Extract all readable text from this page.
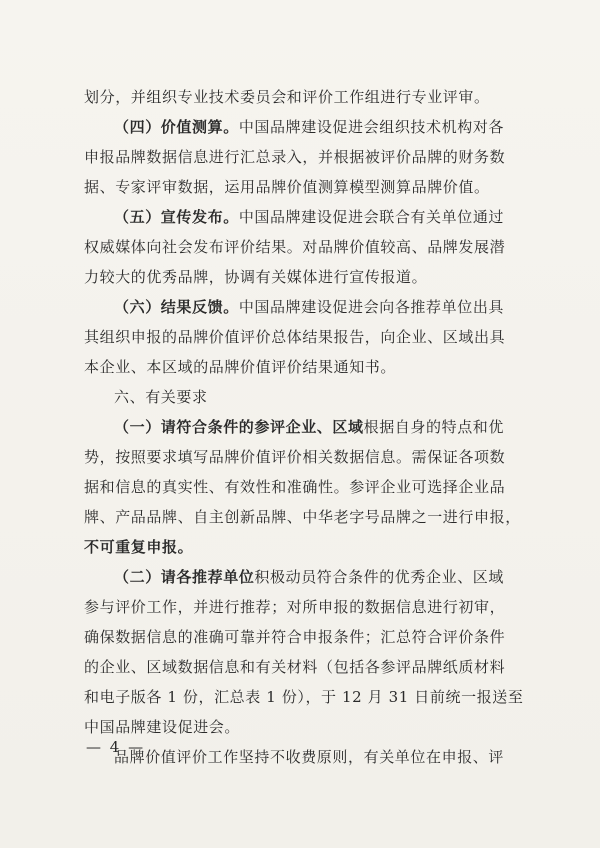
划分，并组织专业技术委员会和评价工作组进行专业评审。
（四）价值测算。中国品牌建设促进会组织技术机构对各
申报品牌数据信息进行汇总录入，并根据被评价品牌的财务数
据、专家评审数据，运用品牌价值测算模型测算品牌价值。
（五）宣传发布。中国品牌建设促进会联合有关单位通过
权威媒体向社会发布评价结果。对品牌价值较高、品牌发展潜
力较大的优秀品牌，协调有关媒体进行宣传报道。
（六）结果反馈。中国品牌建设促进会向各推荐单位出具
其组织申报的品牌价值评价总体结果报告，向企业、区域出具
本企业、本区域的品牌价值评价结果通知书。
六、有关要求
（一）请符合条件的参评企业、区域根据自身的特点和优
势，按照要求填写品牌价值评价相关数据信息。需保证各项数
据和信息的真实性、有效性和准确性。参评企业可选择企业品
牌、产品品牌、自主创新品牌、中华老字号品牌之一进行申报，
不可重复申报。
（二）请各推荐单位积极动员符合条件的优秀企业、区域
参与评价工作，并进行推荐；对所申报的数据信息进行初审，
确保数据信息的准确可靠并符合申报条件；汇总符合评价条件
的企业、区域数据信息和有关材料（包括各参评品牌纸质材料
和电子版各 1 份，汇总表 1 份），于 12 月 31 日前统一报送至
中国品牌建设促进会。
品牌价值评价工作坚持不收费原则，有关单位在申报、评
— 4 —
